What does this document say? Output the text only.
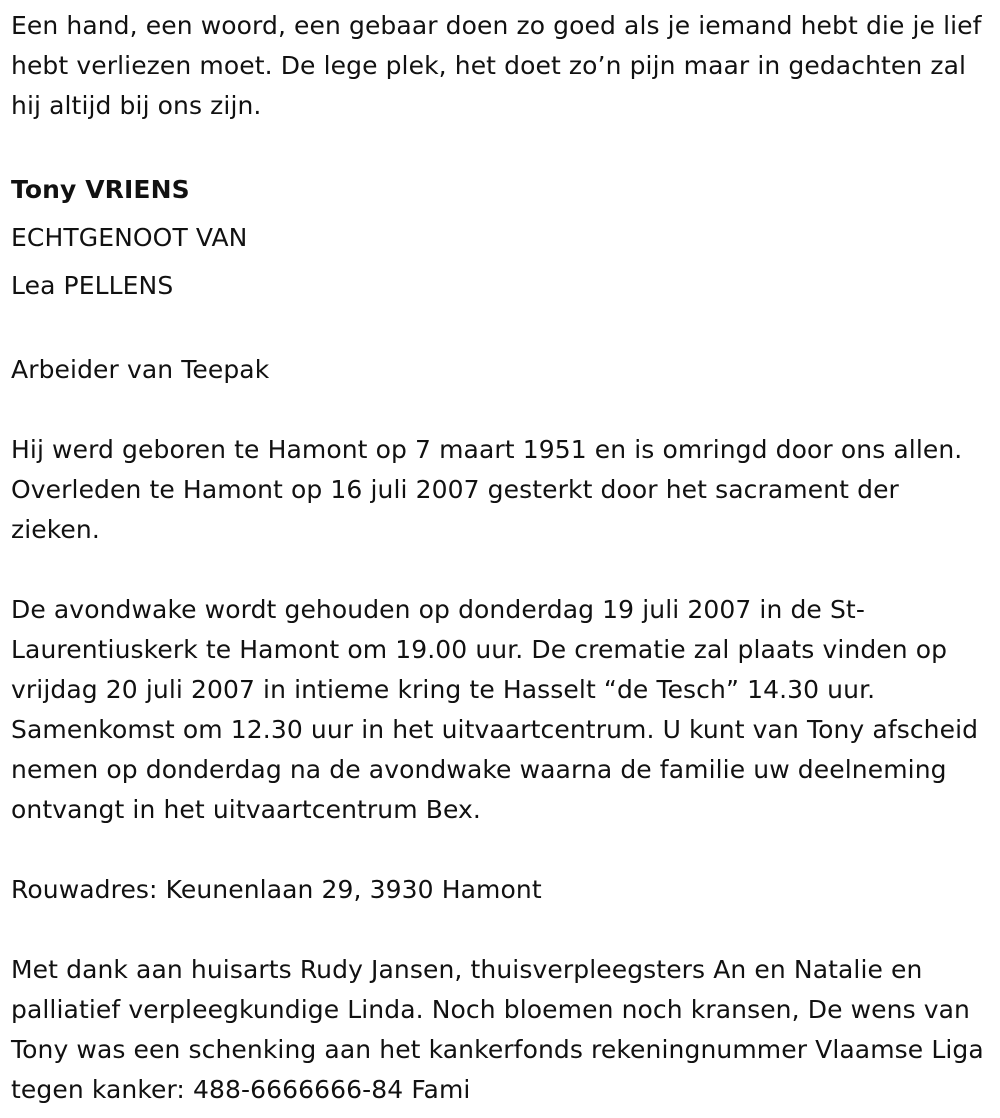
Een hand, een woord, een gebaar doen zo goed als je iemand hebt die je lief hebt verliezen moet. De lege plek, het doet zo’n pijn maar in gedachten zal hij altijd bij ons zijn.

Tony VRIENS

ECHTGENOOT VAN

Lea PELLENS

Arbeider van Teepak

Hij werd geboren te Hamont op 7 maart 1951 en is omringd door ons allen. Overleden te Hamont op 16 juli 2007 gesterkt door het sacrament der zieken.

De avondwake wordt gehouden op donderdag 19 juli 2007 in de St-Laurentiuskerk te Hamont om 19.00 uur. De crematie zal plaats vinden op vrijdag 20 juli 2007 in intieme kring te Hasselt “de Tesch” 14.30 uur. Samenkomst om 12.30 uur in het uitvaartcentrum. U kunt van Tony afscheid nemen op donderdag na de avondwake waarna de familie uw deelneming ontvangt in het uitvaartcentrum Bex.

Rouwadres: Keunenlaan 29, 3930 Hamont

Met dank aan huisarts Rudy Jansen, thuisverpleegsters An en Natalie en palliatief verpleegkundige Linda. Noch bloemen noch kransen, De wens van Tony was een schenking aan het kankerfonds rekeningnummer Vlaamse Liga tegen kanker: 488-6666666-84 Fami
